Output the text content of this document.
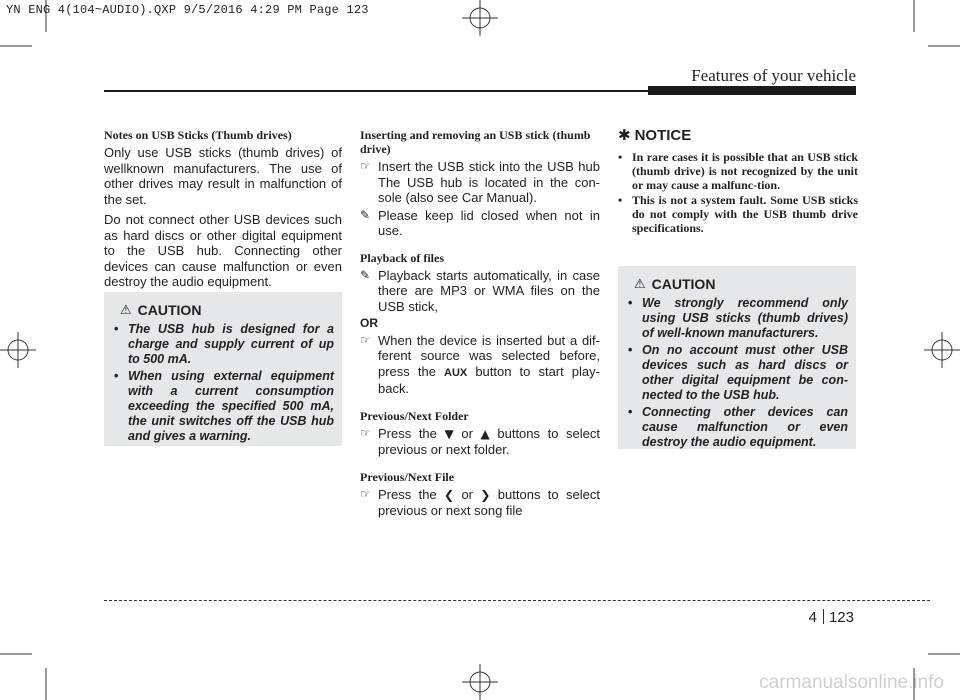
YN ENG 4(104~AUDIO).QXP 9/5/2016 4:29 PM Page 123
Features of your vehicle
Notes on USB Sticks (Thumb drives)
Only use USB sticks (thumb drives) of wellknown manufacturers. The use of other drives may result in malfunction of the set.
Do not connect other USB devices such as hard discs or other digital equipment to the USB hub. Connecting other devices can cause malfunction or even destroy the audio equipment.
⚠ CAUTION
• The USB hub is designed for a charge and supply current of up to 500 mA.
• When using external equipment with a current consumption exceeding the specified 500 mA, the unit switches off the USB hub and gives a warning.
Inserting and removing an USB stick (thumb drive)
☞ Insert the USB stick into the USB hub The USB hub is located in the con-sole (also see Car Manual).
✎ Please keep lid closed when not in use.
Playback of files
✎ Playback starts automatically, in case there are MP3 or WMA files on the USB stick,
OR
☞ When the device is inserted but a dif-ferent source was selected before, press the AUX button to start play-back.
Previous/Next Folder
☞ Press the ▼ or ▲ buttons to select previous or next folder.
Previous/Next File
☞ Press the ❮ or ❯ buttons to select previous or next song file
✱ NOTICE
• In rare cases it is possible that an USB stick (thumb drive) is not recognized by the unit or may cause a malfunc-tion.
• This is not a system fault. Some USB sticks do not comply with the USB thumb drive specifications.
⚠ CAUTION
• We strongly recommend only using USB sticks (thumb drives) of well-known manufacturers.
• On no account must other USB devices such as hard discs or other digital equipment be con-nected to the USB hub.
• Connecting other devices can cause malfunction or even destroy the audio equipment.
4 123
carmanualsonline.info
